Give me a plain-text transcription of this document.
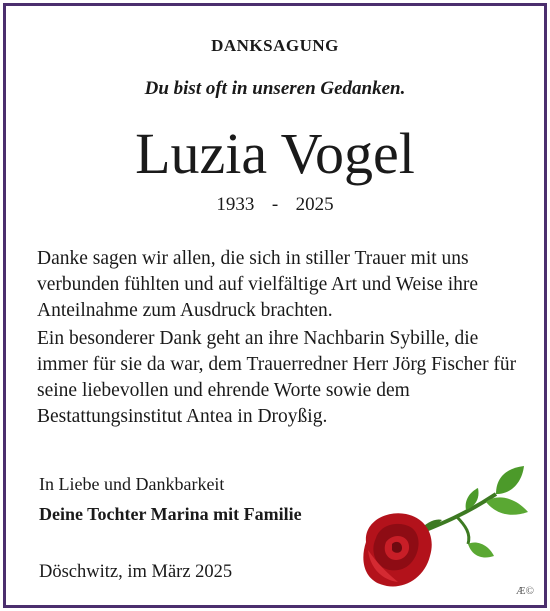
DANKSAGUNG
Du bist oft in unseren Gedanken.
Luzia Vogel
1933  -  2025

Danke sagen wir allen, die sich in stiller Trauer mit uns verbunden fühlten und auf vielfältige Art und Weise ihre Anteilnahme zum Ausdruck brachten.

Ein besonderer Dank geht an ihre Nachbarin Sybille, die immer für sie da war, dem Trauerredner Herr Jörg Fischer für seine liebevollen und ehrende Worte sowie dem Bestattungsinstitut Antea in Droyßig.

In Liebe und Dankbarkeit
Deine Tochter Marina mit Familie
Döschwitz, im März 2025
Æ©
